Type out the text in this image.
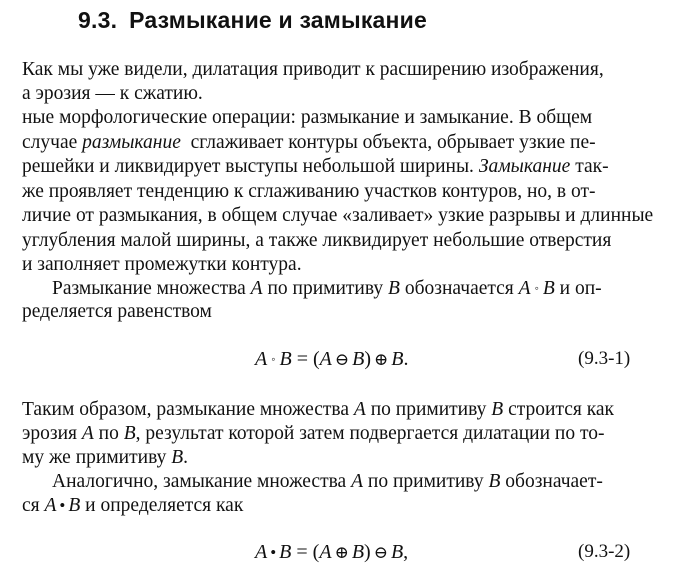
9.3. Размыкание и замыкание
Как мы уже видели, дилатация приводит к расширению изображения,
а эрозия — к сжатию.
ные морфологические операции: размыкание и замыкание. В общем
случае размыкание  сглаживает контуры объекта, обрывает узкие пе-
решейки и ликвидирует выступы небольшой ширины. Замыкание так-
же проявляет тенденцию к сглаживанию участков контуров, но, в от-
личие от размыкания, в общем случае «заливает» узкие разрывы и длинные
углубления малой ширины, а также ликвидирует небольшие отверстия
и заполняет промежутки контура.
Размыкание множества A по примитиву B обозначается A ◦ B и оп-
ределяется равенством
A ◦ B = (A ⊖ B) ⊕ B.	(9.3-1)
Таким образом, размыкание множества A по примитиву B строится как
эрозия A по B, результат которой затем подвергается дилатации по то-
му же примитиву B.
Аналогично, замыкание множества A по примитиву B обозначает-
ся A • B и определяется как
A • B = (A ⊕ B) ⊖ B,	(9.3-2)
